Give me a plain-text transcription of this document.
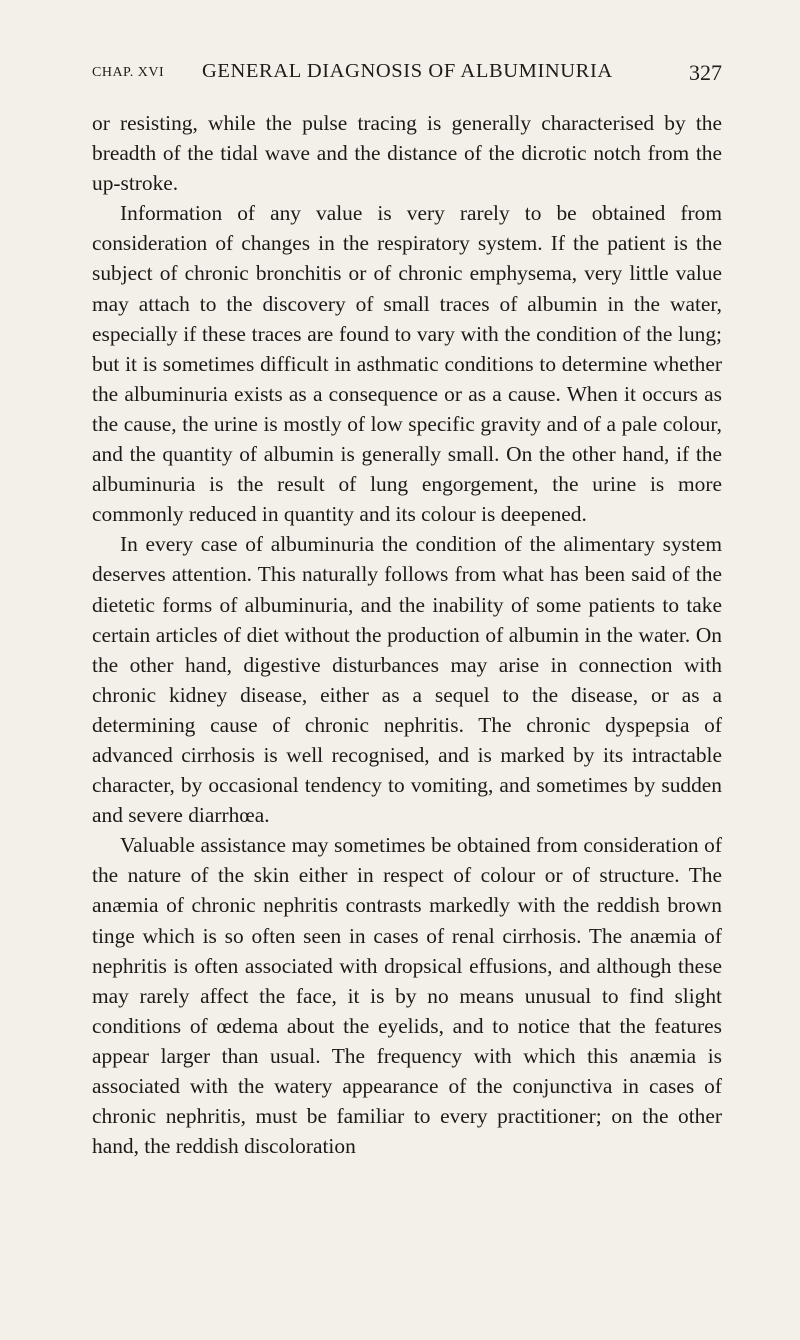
CHAP. XVI GENERAL DIAGNOSIS OF ALBUMINURIA	327

or resisting, while the pulse tracing is generally characterised by the breadth of the tidal wave and the distance of the dicrotic notch from the up-stroke.

Information of any value is very rarely to be obtained from consideration of changes in the respiratory system. If the patient is the subject of chronic bronchitis or of chronic emphysema, very little value may attach to the discovery of small traces of albumin in the water, especially if these traces are found to vary with the condition of the lung; but it is sometimes difficult in asthmatic conditions to determine whether the albuminuria exists as a consequence or as a cause. When it occurs as the cause, the urine is mostly of low specific gravity and of a pale colour, and the quantity of albumin is generally small. On the other hand, if the albuminuria is the result of lung engorgement, the urine is more commonly reduced in quantity and its colour is deepened.

In every case of albuminuria the condition of the alimentary system deserves attention. This naturally follows from what has been said of the dietetic forms of albuminuria, and the inability of some patients to take certain articles of diet without the production of albumin in the water. On the other hand, digestive disturbances may arise in connection with chronic kidney disease, either as a sequel to the disease, or as a determining cause of chronic nephritis. The chronic dyspepsia of advanced cirrhosis is well recognised, and is marked by its intractable character, by occasional tendency to vomiting, and sometimes by sudden and severe diarrhœa.

Valuable assistance may sometimes be obtained from consideration of the nature of the skin either in respect of colour or of structure. The anæmia of chronic nephritis contrasts markedly with the reddish brown tinge which is so often seen in cases of renal cirrhosis. The anæmia of nephritis is often associated with dropsical effusions, and although these may rarely affect the face, it is by no means unusual to find slight conditions of œdema about the eyelids, and to notice that the features appear larger than usual. The frequency with which this anæmia is associated with the watery appearance of the conjunctiva in cases of chronic nephritis, must be familiar to every practitioner; on the other hand, the reddish discoloration
